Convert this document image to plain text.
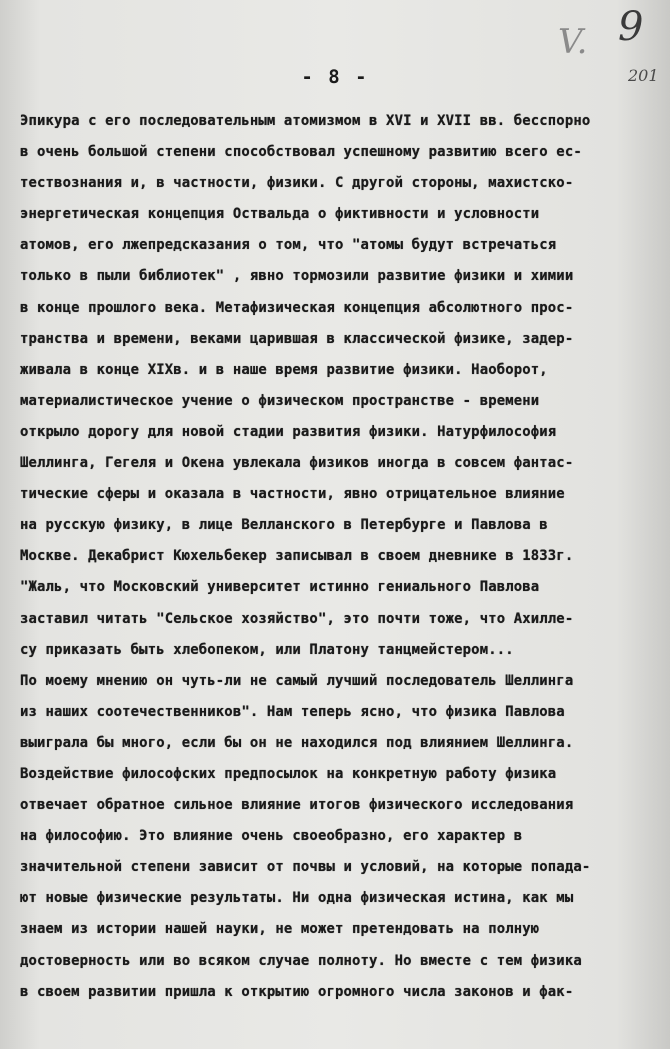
V. 9
201
- 8 -
Эпикура с его последовательным атомизмом в XVI и XVII вв. бесспорно
в очень большой степени способствовал успешному развитию всего ес-
тествознания и, в частности, физики. С другой стороны, махистско-
энергетическая концепция Оствальда о фиктивности и условности
атомов, его лжепредсказания о том, что "атомы будут встречаться
только в пыли библиотек" , явно тормозили развитие физики и химии
в конце прошлого века. Метафизическая концепция абсолютного прос-
транства и времени, веками царившая в классической физике, задер-
живала в конце XIXв. и в наше время развитие физики. Наоборот,
материалистическое учение о физическом пространстве - времени
открыло дорогу для новой стадии развития физики. Натурфилософия
Шеллинга, Гегеля и Окена увлекала физиков иногда в совсем фантас-
тические сферы и оказала в частности, явно отрицательное влияние
на русскую физику, в лице Велланского в Петербурге и Павлова в
Москве. Декабрист Кюхельбекер записывал в своем дневнике в 1833г.
"Жаль, что Московский университет истинно гениального Павлова
заставил читать "Сельское хозяйство", это почти тоже, что Ахилле-
су приказать быть хлебопеком, или Платону танцмейстером...
По моему мнению он чуть-ли не самый лучший последователь Шеллинга
из наших соотечественников". Нам теперь ясно, что физика Павлова
выиграла бы много, если бы он не находился под влиянием Шеллинга.
Воздействие философских предпосылок на конкретную работу физика
отвечает обратное сильное влияние итогов физического исследования
на философию. Это влияние очень своеобразно, его характер в
значительной степени зависит от почвы и условий, на которые попада-
ют новые физические результаты. Ни одна физическая истина, как мы
знаем из истории нашей науки, не может претендовать на полную
достоверность или во всяком случае полноту. Но вместе с тем физика
в своем развитии пришла к открытию огромного числа законов и фак-
